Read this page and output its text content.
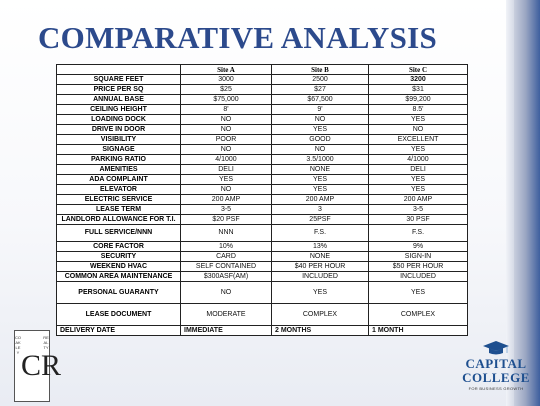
COMPARATIVE ANALYSIS
	Site A	Site B	Site C
SQUARE FEET	3000	2500	3200
PRICE PER SQ	$25	$27	$31
ANNUAL BASE	$75,000	$67,500	$99,200
CEILING HEIGHT	8'	9'	8.5'
LOADING DOCK	NO	NO	YES
DRIVE IN DOOR	NO	YES	NO
VISIBILITY	POOR	GOOD	EXCELLENT
SIGNAGE	NO	NO	YES
PARKING RATIO	4/1000	3.5/1000	4/1000
AMENITIES	DELI	NONE	DELI
ADA COMPLAINT	YES	YES	YES
ELEVATOR	NO	YES	YES
ELECTRIC SERVICE	200 AMP	200 AMP	200 AMP
LEASE TERM	3-5	3	3-5
LANDLORD ALLOWANCE FOR T.I.	$20 PSF	25PSF	30 PSF
FULL SERVICE/NNN	NNN	F.S.	F.S.
CORE FACTOR	10%	13%	9%
SECURITY	CARD	NONE	SIGN-IN
WEEKEND HVAC	SELF CONTAINED	$40 PER HOUR	$50 PER HOUR
COMMON AREA MAINTENANCE	$300ASF(AM)	INCLUDED	INCLUDED
PERSONAL GUARANTY	NO	YES	YES
LEASE DOCUMENT	MODERATE	COMPLEX	COMPLEX
DELIVERY DATE	IMMEDIATE	2 MONTHS	1 MONTH
COAKLEY CR
REALTY
CAPITAL
COLLEGE
FOR BUSINESS GROWTH
